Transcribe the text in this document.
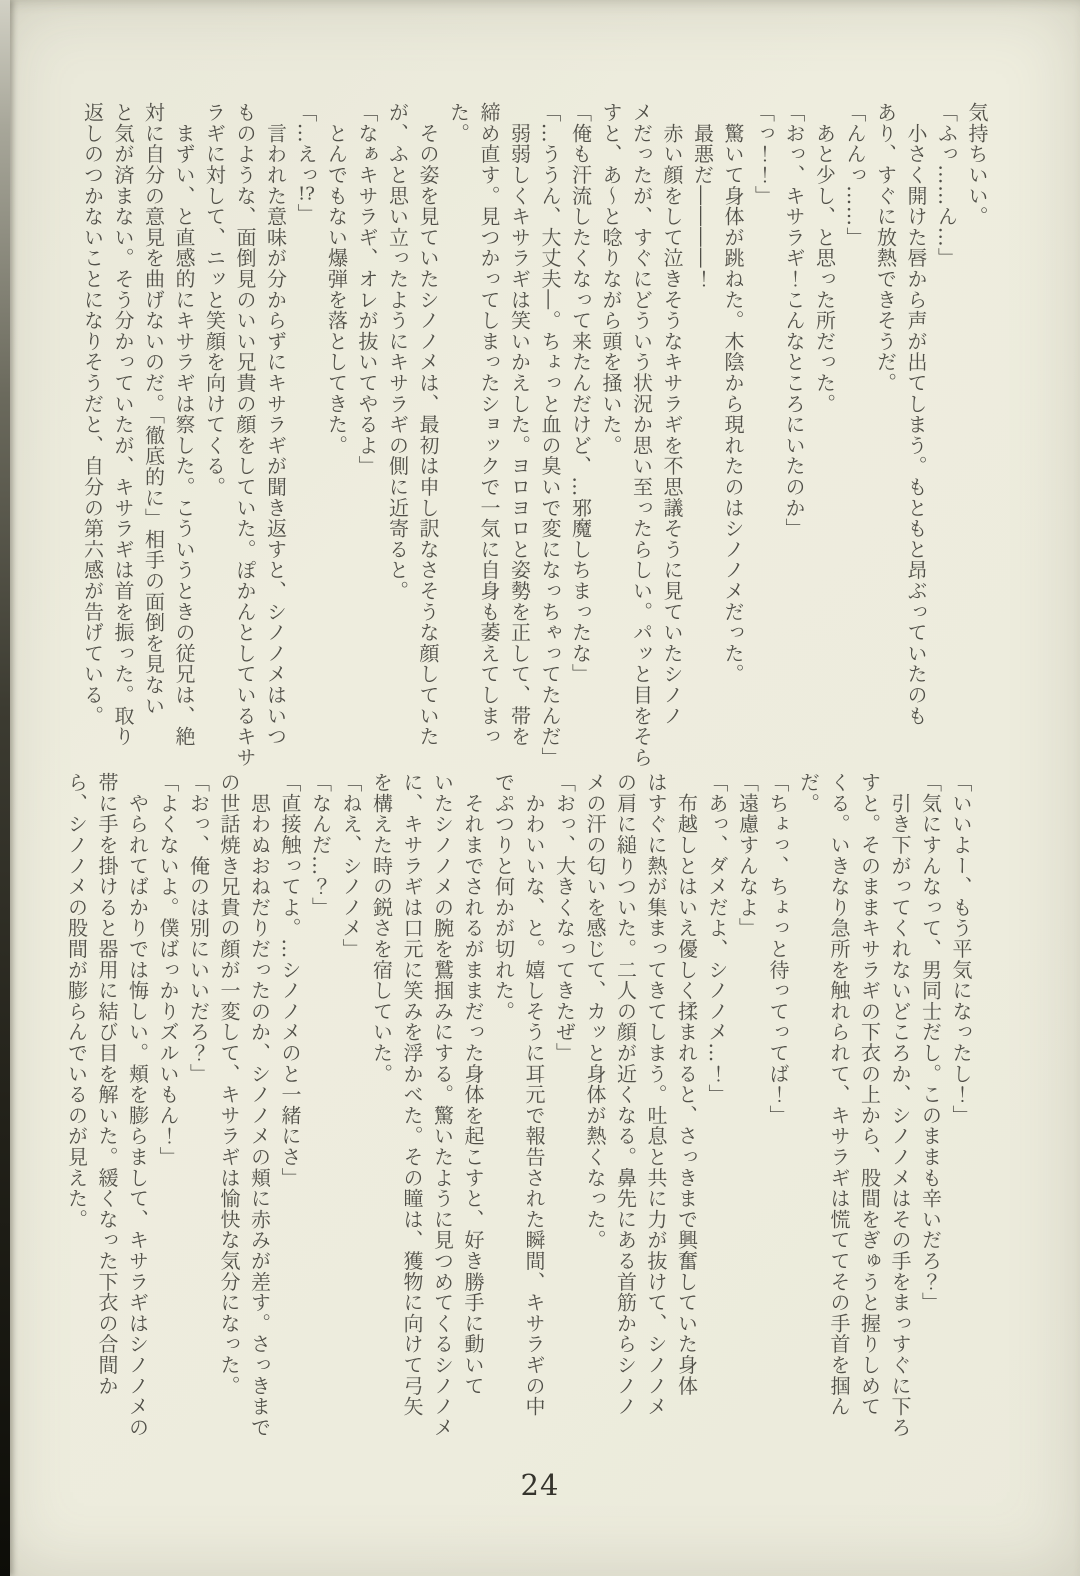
気持ちいい。

「ふっ……ん…」

　小さく開けた唇から声が出てしまう。もともと昂ぶっていたのも

あり、すぐに放熱できそうだ。

「んんっ……」

　あと少し、と思った所だった。

「おっ、キサラギ！こんなところにいたのか」

「っ！！」

　驚いて身体が跳ねた。木陰から現れたのはシノノメだった。

　最悪だ――――！

　赤い顔をして泣きそうなキサラギを不思議そうに見ていたシノノ

メだったが、すぐにどういう状況か思い至ったらしい。パッと目をそら

すと、あ〜と唸りながら頭を掻いた。

「俺も汗流したくなって来たんだけど、…邪魔しちまったな」

「…ううん、大丈夫―。ちょっと血の臭いで変になっちゃってたんだ」

　弱弱しくキサラギは笑いかえした。ヨロヨロと姿勢を正して、帯を

締め直す。見つかってしまったショックで一気に自身も萎えてしまっ

た。

　その姿を見ていたシノノメは、最初は申し訳なさそうな顔していた

が、ふと思い立ったようにキサラギの側に近寄ると。

「なぁキサラギ、オレが抜いてやるよ」

　とんでもない爆弾を落としてきた。

「…えっ!?」

　言われた意味が分からずにキサラギが聞き返すと、シノノメはいつ

ものような、面倒見のいい兄貴の顔をしていた。ぽかんとしているキサ

ラギに対して、ニッと笑顔を向けてくる。

　まずい、と直感的にキサラギは察した。こういうときの従兄は、絶

対に自分の意見を曲げないのだ。「徹底的に」相手の面倒を見ない

と気が済まない。そう分かっていたが、キサラギは首を振った。取り

返しのつかないことになりそうだと、自分の第六感が告げている。

「いいよー、もう平気になったし！」

「気にすんなって、男同士だし。このままも辛いだろ？」

　引き下がってくれないどころか、シノノメはその手をまっすぐに下ろ

すと。そのままキサラギの下衣の上から、股間をぎゅうと握りしめて

くる。いきなり急所を触れられて、キサラギは慌ててその手首を掴ん

だ。

「ちょっ、ちょっと待ってってば！」

「遠慮すんなよ」

「あっ、ダメだよ、シノノメ…！」

　布越しとはいえ優しく揉まれると、さっきまで興奮していた身体

はすぐに熱が集まってきてしまう。吐息と共に力が抜けて、シノノメ

の肩に縋りついた。二人の顔が近くなる。鼻先にある首筋からシノノ

メの汗の匂いを感じて、カッと身体が熱くなった。

「おっ、大きくなってきたぜ」

　かわいいな、と。嬉しそうに耳元で報告された瞬間、キサラギの中

でぷつりと何かが切れた。

　それまでされるがままだった身体を起こすと、好き勝手に動いて

いたシノノメの腕を鷲掴みにする。驚いたように見つめてくるシノノメ

に、キサラギは口元に笑みを浮かべた。その瞳は、獲物に向けて弓矢

を構えた時の鋭さを宿していた。

「ねえ、シノノメ」

「なんだ…？」

「直接触ってよ。…シノノメのと一緒にさ」

　思わぬおねだりだったのか、シノノメの頬に赤みが差す。さっきまで

の世話焼き兄貴の顔が一変して、キサラギは愉快な気分になった。

「おっ、俺のは別にいいだろ？」

「よくないよ。僕ばっかりズルいもん！」

　やられてばかりでは悔しい。頬を膨らまして、キサラギはシノノメの

帯に手を掛けると器用に結び目を解いた。緩くなった下衣の合間か

ら、シノノメの股間が膨らんでいるのが見えた。

24
